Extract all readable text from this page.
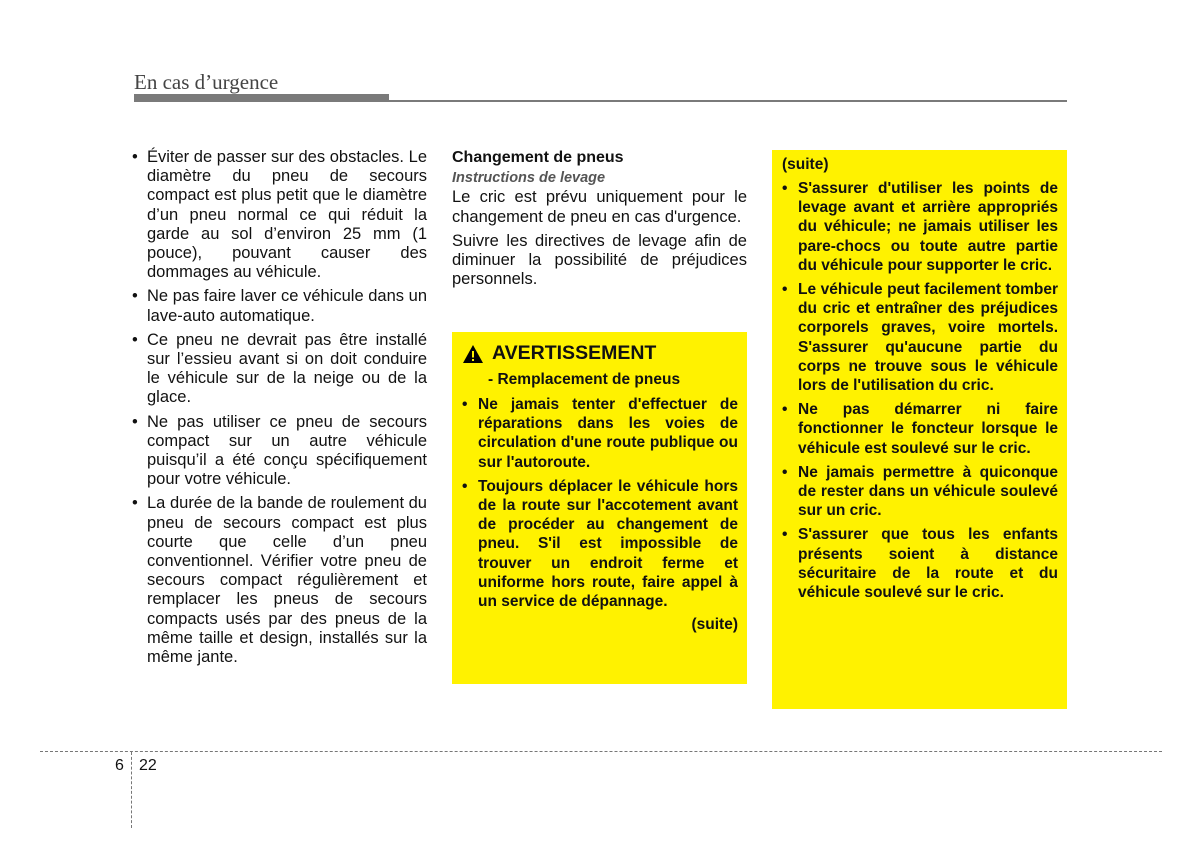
En cas d’urgence
• Éviter de passer sur des obstacles. Le diamètre du pneu de secours compact est plus petit que le diamètre d’un pneu normal ce qui réduit la garde au sol d’environ 25 mm (1 pouce), pouvant causer des dommages au véhicule.
• Ne pas faire laver ce véhicule dans un lave-auto automatique.
• Ce pneu ne devrait pas être installé sur l’essieu avant si on doit conduire le véhicule sur de la neige ou de la glace.
• Ne pas utiliser ce pneu de secours compact sur un autre véhicule puisqu’il a été conçu spécifiquement pour votre véhicule.
• La durée de la bande de roulement du pneu de secours compact est plus courte que celle d’un pneu conventionnel. Vérifier votre pneu de secours compact régulièrement et remplacer les pneus de secours compacts usés par des pneus de la même taille et design, installés sur la même jante.

Changement de pneus

Instructions de levage

Le cric est prévu uniquement pour le changement de pneu en cas d'urgence.

Suivre les directives de levage afin de diminuer la possibilité de préjudices personnels.

AVERTISSEMENT
- Remplacement de pneus
• Ne jamais tenter d'effectuer de réparations dans les voies de circulation d'une route publique ou sur l'autoroute.
• Toujours déplacer le véhicule hors de la route sur l'accotement avant de procéder au changement de pneu. S'il est impossible de trouver un endroit ferme et uniforme hors route, faire appel à un service de dépannage.
(suite)
(suite)
• S'assurer d'utiliser les points de levage avant et arrière appropriés du véhicule; ne jamais utiliser les pare-chocs ou toute autre partie du véhicule pour supporter le cric.
• Le véhicule peut facilement tomber du cric et entraîner des préjudices corporels graves, voire mortels. S'assurer qu'aucune partie du corps ne trouve sous le véhicule lors de l'utilisation du cric.
• Ne pas démarrer ni faire fonctionner le foncteur lorsque le véhicule est soulevé sur le cric.
• Ne jamais permettre à quiconque de rester dans un véhicule soulevé sur un cric.
• S'assurer que tous les enfants présents soient à distance sécuritaire de la route et du véhicule soulevé sur le cric.
6 22
